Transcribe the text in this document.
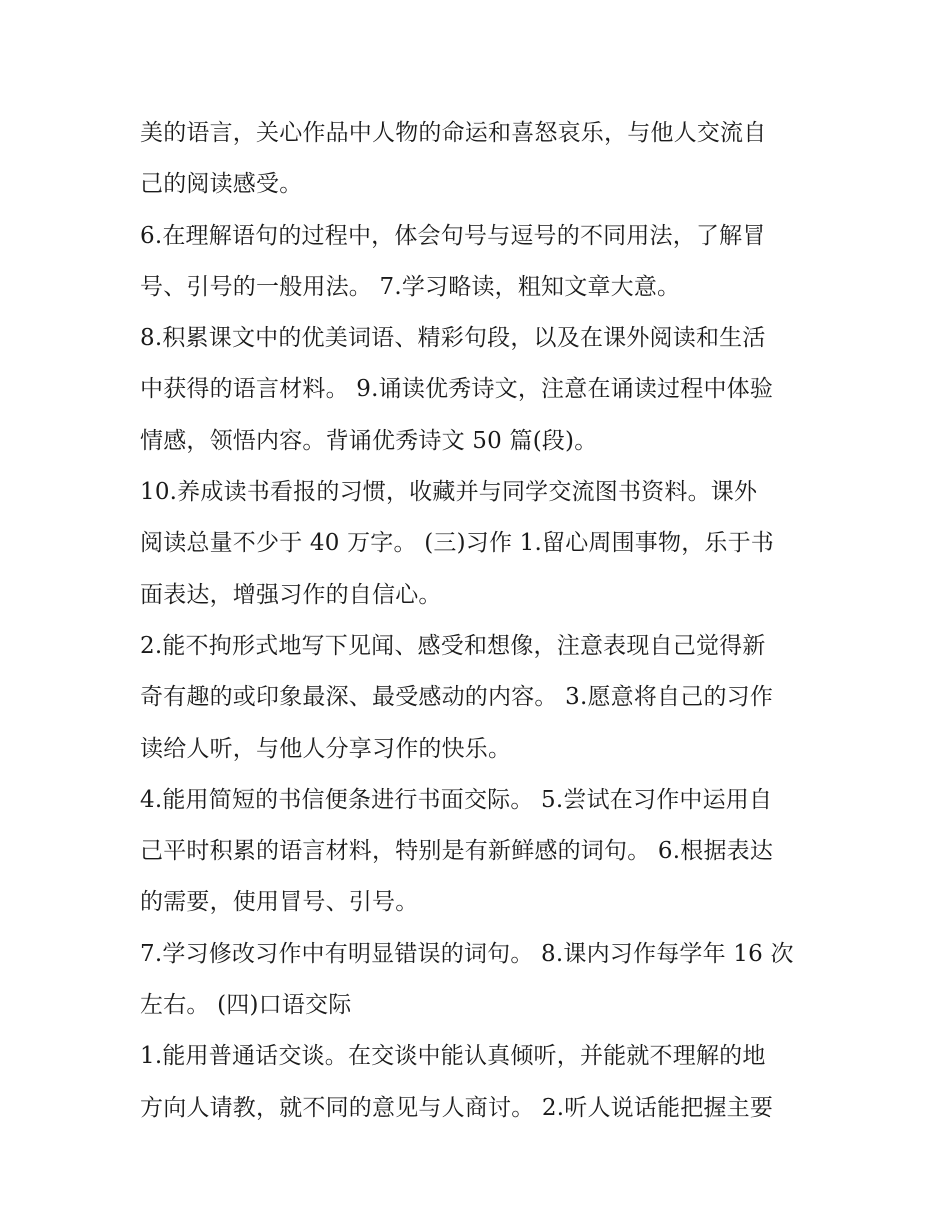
美的语言，关心作品中人物的命运和喜怒哀乐，与他人交流自
己的阅读感受。
6.在理解语句的过程中，体会句号与逗号的不同用法，了解冒
号、引号的一般用法。 7.学习略读，粗知文章大意。
8.积累课文中的优美词语、精彩句段，以及在课外阅读和生活
中获得的语言材料。 9.诵读优秀诗文，注意在诵读过程中体验
情感，领悟内容。背诵优秀诗文 50 篇(段)。
10.养成读书看报的习惯，收藏并与同学交流图书资料。课外
阅读总量不少于 40 万字。 (三)习作 1.留心周围事物，乐于书
面表达，增强习作的自信心。
2.能不拘形式地写下见闻、感受和想像，注意表现自己觉得新
奇有趣的或印象最深、最受感动的内容。 3.愿意将自己的习作
读给人听，与他人分享习作的快乐。
4.能用简短的书信便条进行书面交际。 5.尝试在习作中运用自
己平时积累的语言材料，特别是有新鲜感的词句。 6.根据表达
的需要，使用冒号、引号。
7.学习修改习作中有明显错误的词句。 8.课内习作每学年 16 次
左右。 (四)口语交际
1.能用普通话交谈。在交谈中能认真倾听，并能就不理解的地
方向人请教，就不同的意见与人商讨。 2.听人说话能把握主要
